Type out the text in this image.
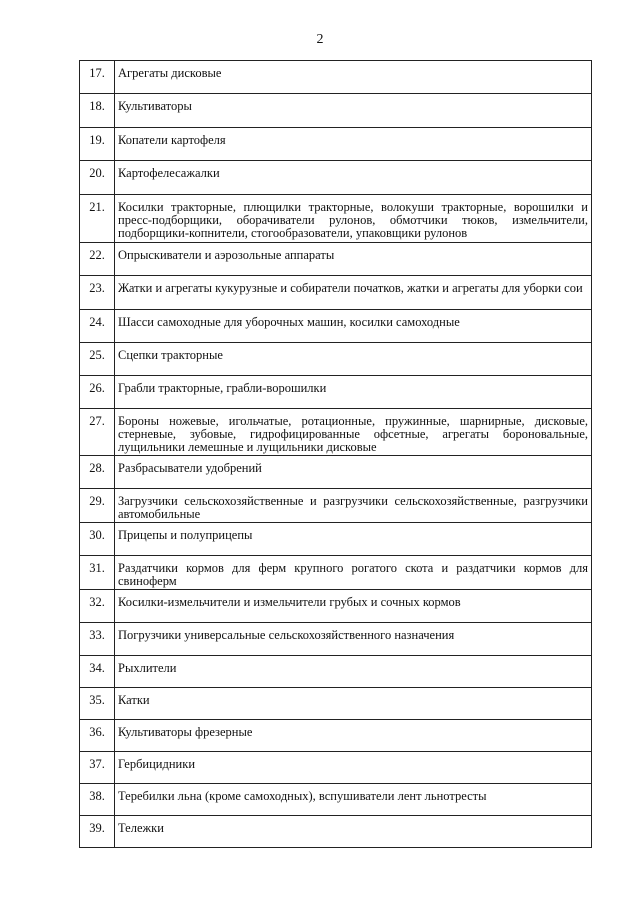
2
17.	Агрегаты дисковые
18.	Культиваторы
19.	Копатели картофеля
20.	Картофелесажалки
21.	Косилки тракторные, плющилки тракторные, волокуши тракторные, ворошилки и пресс-подборщики, оборачиватели рулонов, обмотчики тюков, измельчители, подборщики-копнители, стогообразователи, упаковщики рулонов
22.	Опрыскиватели и аэрозольные аппараты
23.	Жатки и агрегаты кукурузные и собиратели початков, жатки и агрегаты для уборки сои
24.	Шасси самоходные для уборочных машин, косилки самоходные
25.	Сцепки тракторные
26.	Грабли тракторные, грабли-ворошилки
27.	Бороны ножевые, игольчатые, ротационные, пружинные, шарнирные, дисковые, стерневые, зубовые, гидрофицированные офсетные, агрегаты бороновальные, лущильники лемешные и лущильники дисковые
28.	Разбрасыватели удобрений
29.	Загрузчики сельскохозяйственные и разгрузчики сельскохозяйственные, разгрузчики автомобильные
30.	Прицепы и полуприцепы
31.	Раздатчики кормов для ферм крупного рогатого скота и раздатчики кормов для свиноферм
32.	Косилки-измельчители и измельчители грубых и сочных кормов
33.	Погрузчики универсальные сельскохозяйственного назначения
34.	Рыхлители
35.	Катки
36.	Культиваторы фрезерные
37.	Гербицидники
38.	Теребилки льна (кроме самоходных), вспушиватели лент льнотресты
39.	Тележки
